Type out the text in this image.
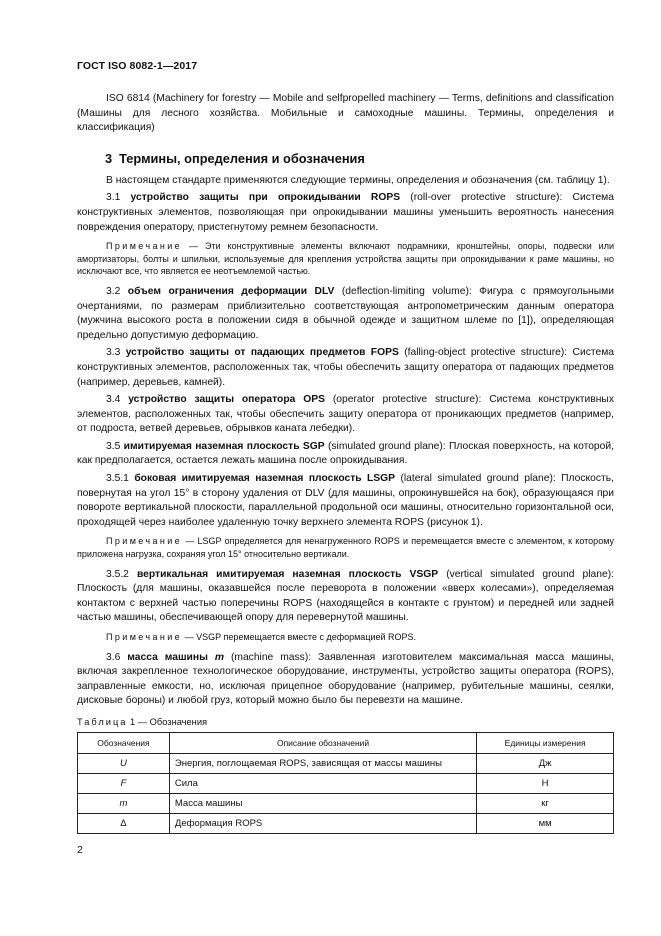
ГОСТ ISO 8082-1—2017

ISO 6814 (Machinery for forestry — Mobile and selfpropelled machinery — Terms, definitions and classification (Машины для лесного хозяйства. Мобильные и самоходные машины. Термины, определения и классификация)

3 Термины, определения и обозначения

В настоящем стандарте применяются следующие термины, определения и обозначения (см. таблицу 1).

3.1 устройство защиты при опрокидывании ROPS (roll-over protective structure): Система конструктивных элементов, позволяющая при опрокидывании машины уменьшить вероятность нанесения повреждения оператору, пристегнутому ремнем безопасности.

Примечание — Эти конструктивные элементы включают подрамники, кронштейны, опоры, подвески или амортизаторы, болты и шпильки, используемые для крепления устройства защиты при опрокидывании к раме машины, но исключают все, что является ее неотъемлемой частью.

3.2 объем ограничения деформации DLV (deflection-limiting volume): Фигура с прямоугольными очертаниями, по размерам приблизительно соответствующая антропометрическим данным оператора (мужчина высокого роста в положении сидя в обычной одежде и защитном шлеме по [1]), определяющая предельно допустимую деформацию.

3.3 устройство защиты от падающих предметов FOPS (falling-object protective structure): Система конструктивных элементов, расположенных так, чтобы обеспечить защиту оператора от падающих предметов (например, деревьев, камней).

3.4 устройство защиты оператора OPS (operator protective structure): Система конструктивных элементов, расположенных так, чтобы обеспечить защиту оператора от проникающих предметов (например, от подроста, ветвей деревьев, обрывков каната лебедки).

3.5 имитируемая наземная плоскость SGP (simulated ground plane): Плоская поверхность, на которой, как предполагается, остается лежать машина после опрокидывания.

3.5.1 боковая имитируемая наземная плоскость LSGP (lateral simulated ground plane): Плоскость, повернутая на угол 15° в сторону удаления от DLV (для машины, опрокинувшейся на бок), образующаяся при повороте вертикальной плоскости, параллельной продольной оси машины, относительно горизонтальной оси, проходящей через наиболее удаленную точку верхнего элемента ROPS (рисунок 1).

Примечание — LSGP определяется для ненагруженного ROPS и перемещается вместе с элементом, к которому приложена нагрузка, сохраняя угол 15° относительно вертикали.

3.5.2 вертикальная имитируемая наземная плоскость VSGP (vertical simulated ground plane): Плоскость (для машины, оказавшейся после переворота в положении «вверх колесами»), определяемая контактом с верхней частью поперечины ROPS (находящейся в контакте с грунтом) и передней или задней частью машины, обеспечивающей опору для перевернутой машины.

Примечание — VSGP перемещается вместе с деформацией ROPS.

3.6 масса машины m (machine mass): Заявленная изготовителем максимальная масса машины, включая закрепленное технологическое оборудование, инструменты, устройство защиты оператора (ROPS), заправленные емкости, но, исключая прицепное оборудование (например, рубительные машины, сеялки, дисковые бороны) и любой груз, который можно было бы перевезти на машине.

Таблица 1 — Обозначения
Обозначения	Описание обозначений	Единицы измерения
U	Энергия, поглощаемая ROPS, зависящая от массы машины	Дж
F	Сила	Н
m	Масса машины	кг
Δ	Деформация ROPS	мм
2
